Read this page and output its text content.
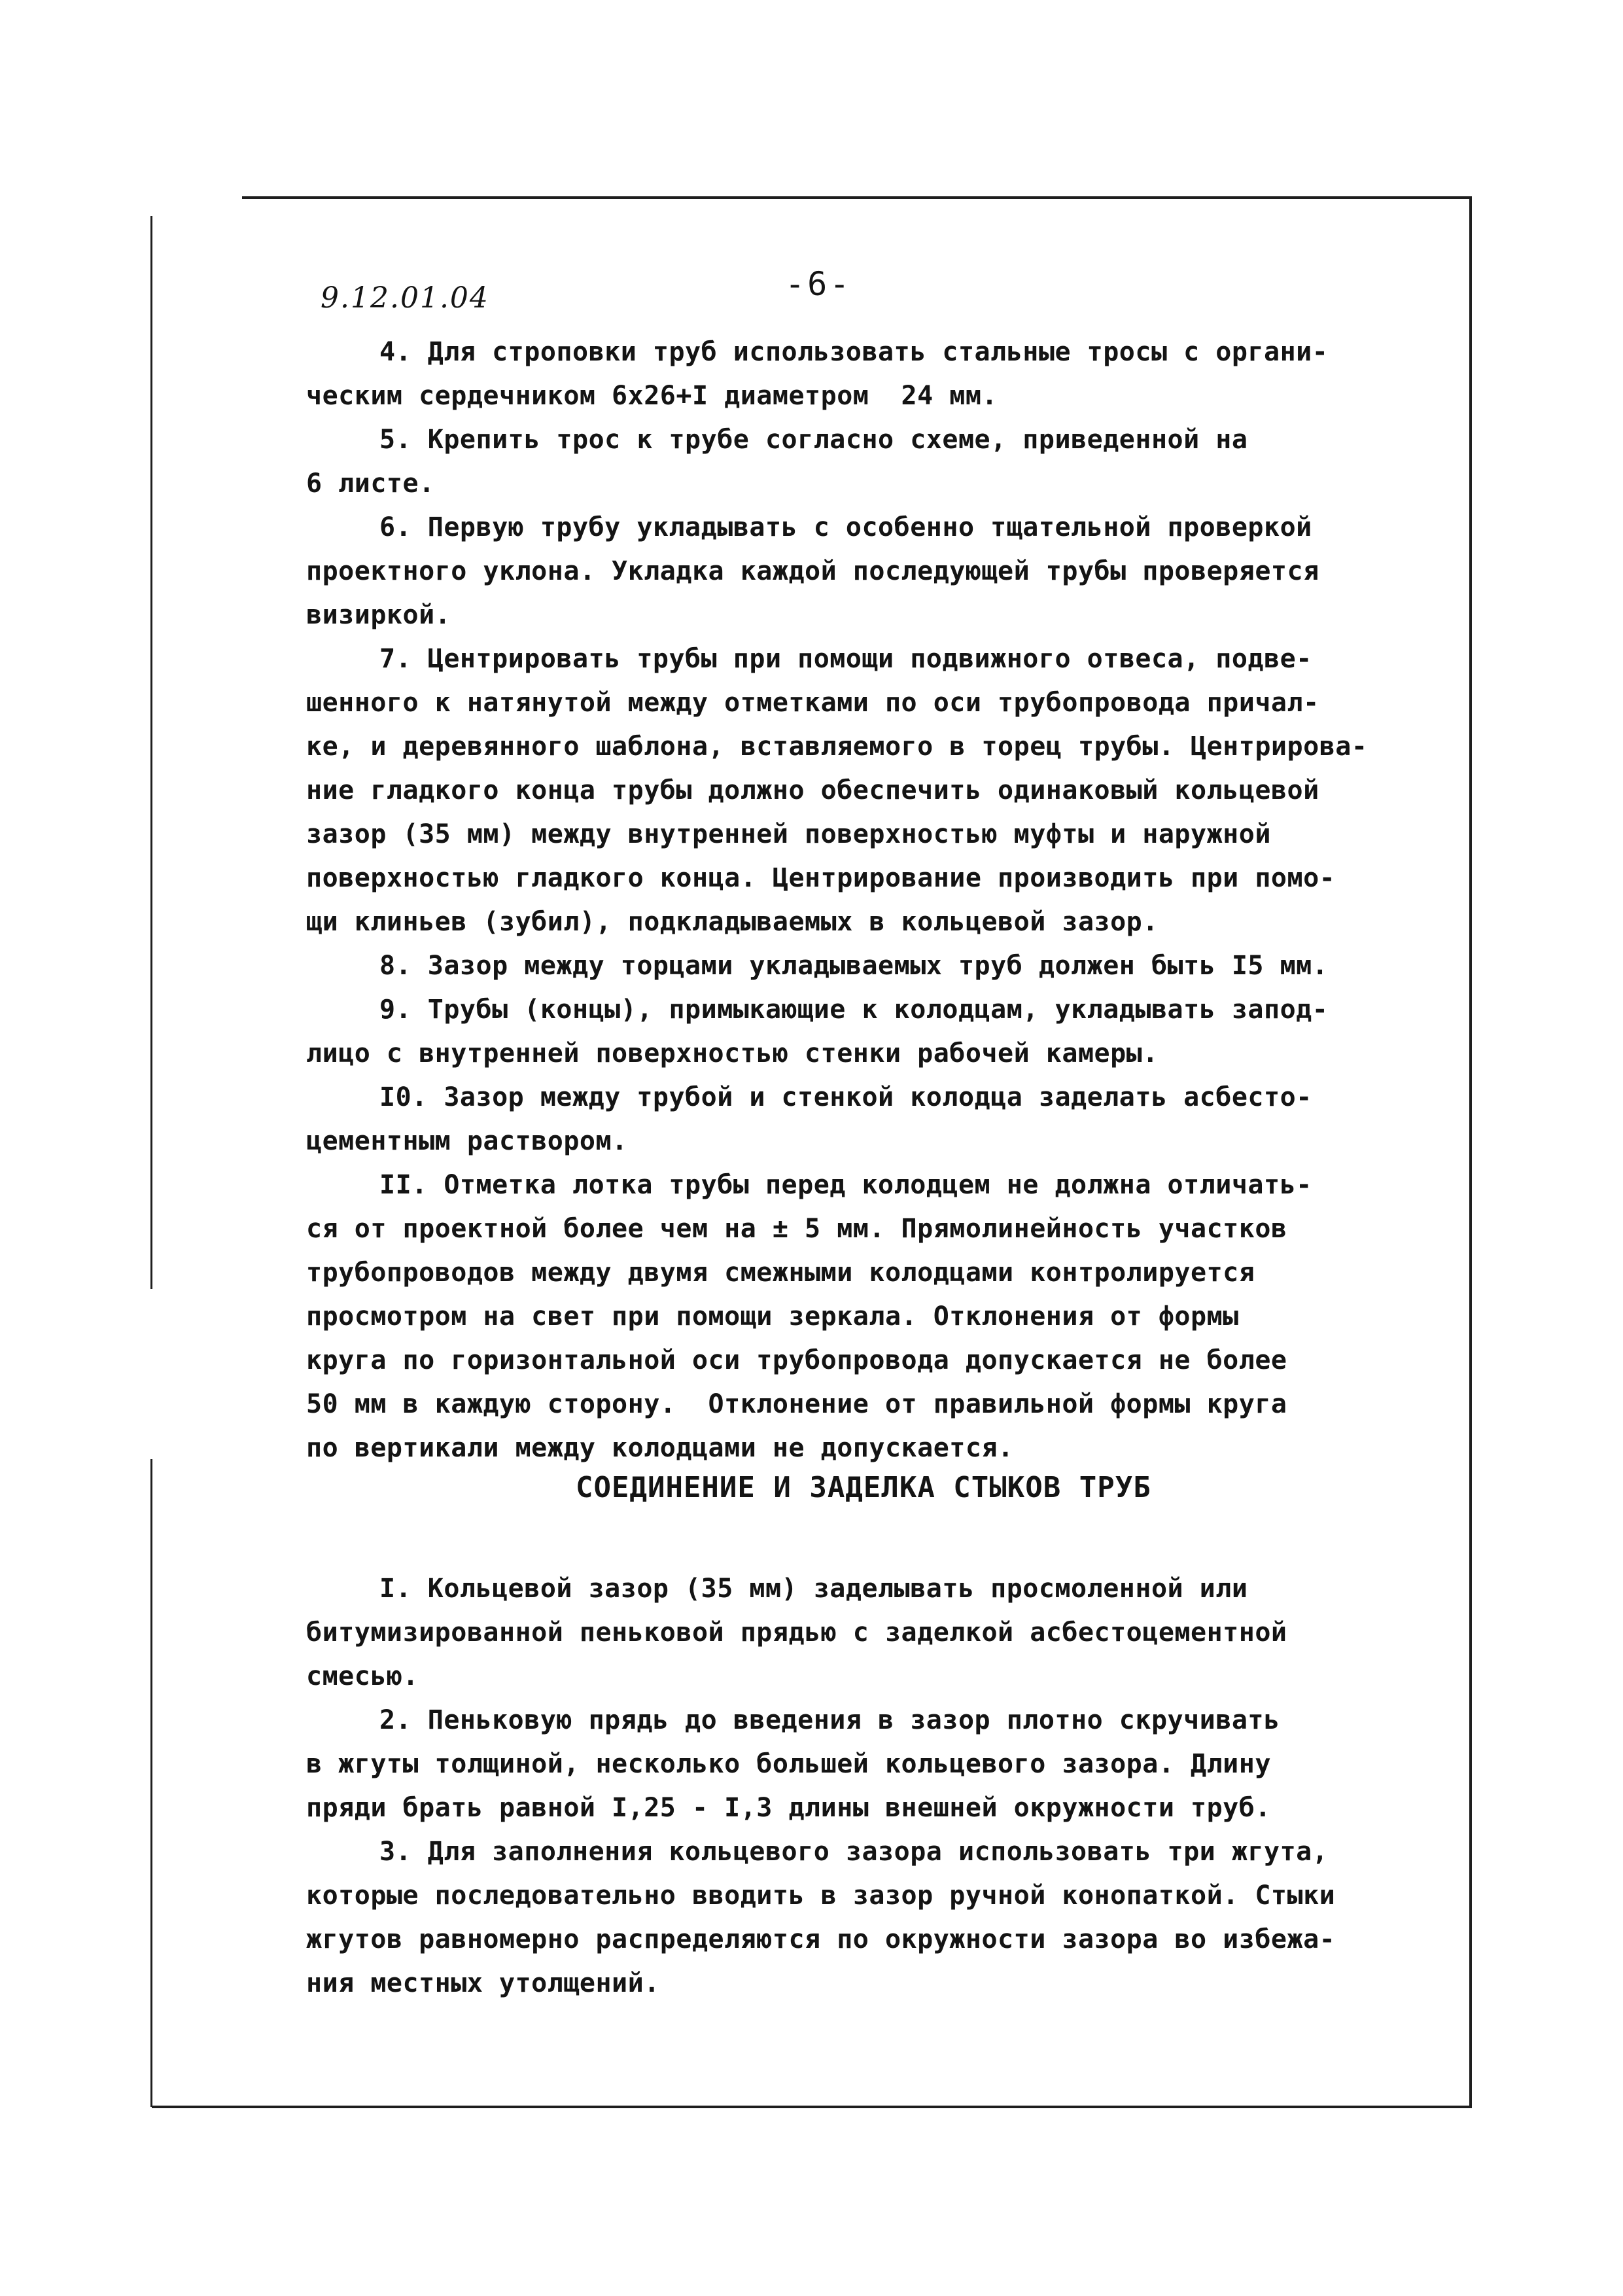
9.12.01.04	-6-
4. Для строповки труб использовать стальные тросы с органи-

ческим сердечником 6х26+I диаметром  24 мм.
5. Крепить трос к трубе согласно схеме, приведенной на

6 листе.
6. Первую трубу укладывать с особенно тщательной проверкой

проектного уклона. Укладка каждой последующей трубы проверяется
визиркой.
7. Центрировать трубы при помощи подвижного отвеса, подве-

шенного к натянутой между отметками по оси трубопровода причал-
ке, и деревянного шаблона, вставляемого в торец трубы. Центрирова-
ние гладкого конца трубы должно обеспечить одинаковый кольцевой
зазор (35 мм) между внутренней поверхностью муфты и наружной
поверхностью гладкого конца. Центрирование производить при помо-
щи клиньев (зубил), подкладываемых в кольцевой зазор.
8. Зазор между торцами укладываемых труб должен быть I5 мм.

9. Трубы (концы), примыкающие к колодцам, укладывать запод-

лицо с внутренней поверхностью стенки рабочей камеры.
I0. Зазор между трубой и стенкой колодца заделать асбесто-

цементным раствором.
II. Отметка лотка трубы перед колодцем не должна отличать-

ся от проектной более чем на ± 5 мм. Прямолинейность участков
трубопроводов между двумя смежными колодцами контролируется
просмотром на свет при помощи зеркала. Отклонения от формы
круга по горизонтальной оси трубопровода допускается не более
50 мм в каждую сторону.  Отклонение от правильной формы круга
по вертикали между колодцами не допускается.
СОЕДИНЕНИЕ И ЗАДЕЛКА СТЫКОВ ТРУБ
I. Кольцевой зазор (35 мм) заделывать просмоленной или

битумизированной пеньковой прядью с заделкой асбестоцементной
смесью.
2. Пеньковую прядь до введения в зазор плотно скручивать

в жгуты толщиной, несколько большей кольцевого зазора. Длину
пряди брать равной I,25 - I,3 длины внешней окружности труб.
3. Для заполнения кольцевого зазора использовать три жгута,

которые последовательно вводить в зазор ручной конопаткой. Стыки
жгутов равномерно распределяются по окружности зазора во избежа-
ния местных утолщений.
